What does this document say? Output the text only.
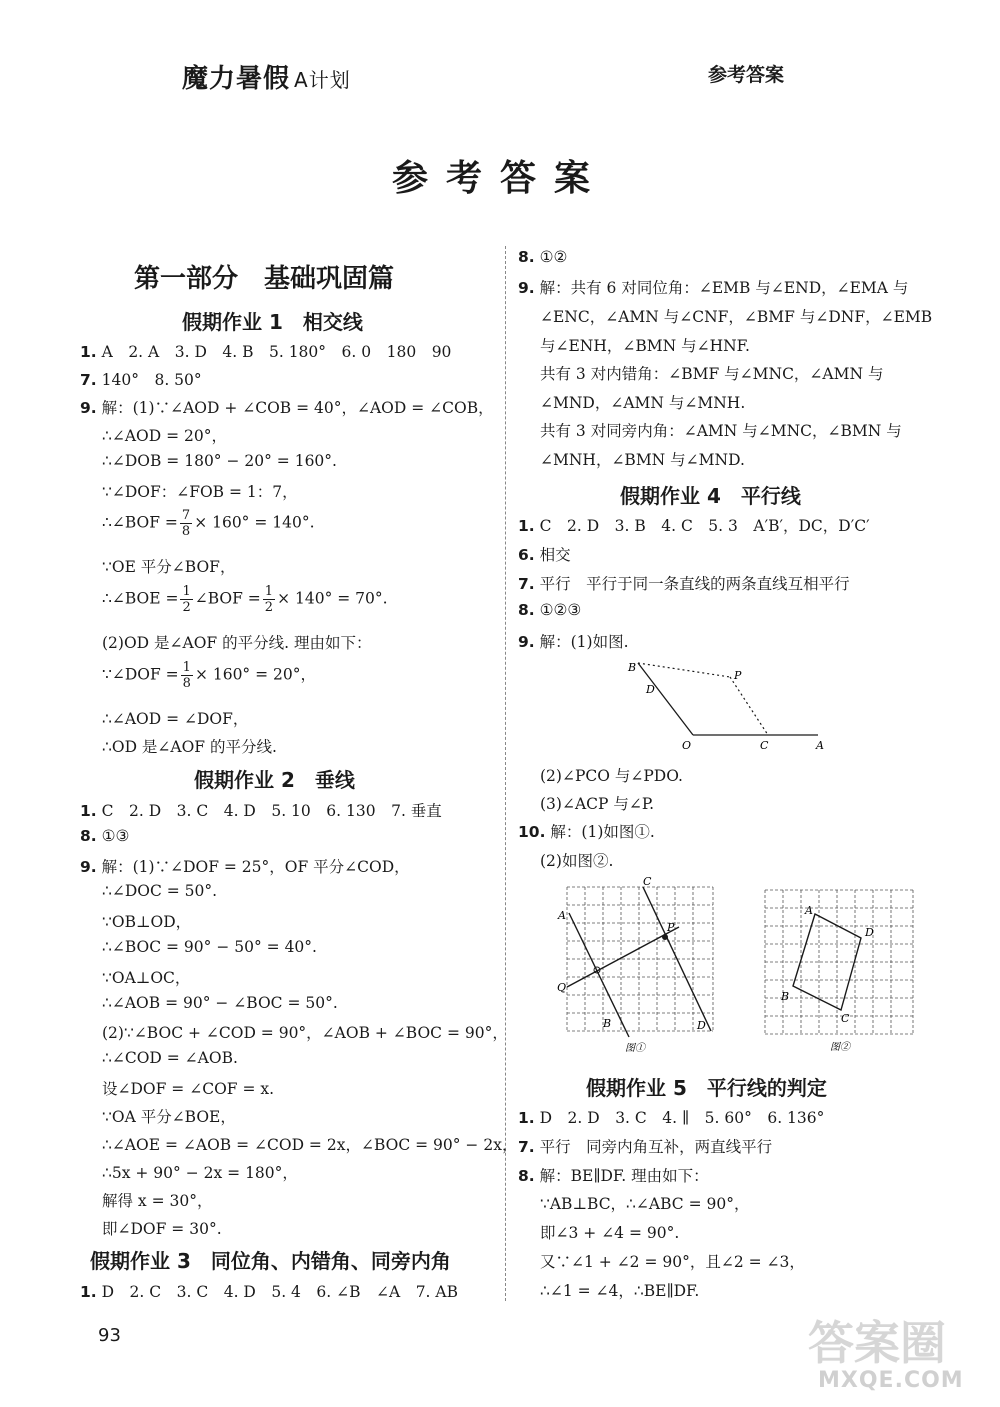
魔力暑假 A计划	参考答案
参考答案
第一部分　基础巩固篇
假期作业 1　相交线
1. A　2. A　3. D　4. B　5. 180°　6. 0　180　90
7. 140°　8. 50°
9. 解：(1)∵∠AOD + ∠COB = 40°，∠AOD = ∠COB，
∴∠AOD = 20°，
∴∠DOB = 180° − 20° = 160°.
∵∠DOF：∠FOB = 1：7，
∴∠BOF = $\frac{7}{8} \times 160^\circ = 140^\circ$.
∵OE 平分∠BOF，
∴∠BOE = $\frac{1}{2}$ ∠BOF = $\frac{1}{2} \times 140^\circ = 70^\circ$.
(2)OD 是∠AOF 的平分线. 理由如下：
∵∠DOF = $\frac{1}{8} \times 160^\circ = 20^\circ$，
∴∠AOD = ∠DOF，
∴OD 是∠AOF 的平分线.
假期作业 2　垂线
1. C　2. D　3. C　4. D　5. 10　6. 130　7. 垂直
8. ①③
9. 解：(1)∵∠DOF = 25°，OF 平分∠COD，
∴∠DOC = 50°.
∵OB⊥OD，
∴∠BOC = 90° − 50° = 40°.
∵OA⊥OC，
∴∠AOB = 90° − ∠BOC = 50°.
(2)∵∠BOC + ∠COD = 90°，∠AOB + ∠BOC = 90°，
∴∠COD = ∠AOB.
设∠DOF = ∠COF = x.
∵OA 平分∠BOE，
∴∠AOE = ∠AOB = ∠COD = 2x，∠BOC = 90° − 2x，
∴5x + 90° − 2x = 180°，
解得 x = 30°，
即∠DOF = 30°.
假期作业 3　同位角、内错角、同旁内角
1. D　2. C　3. C　4. D　5. 4　6. ∠B　∠A　7. AB
8. ①②
9. 解：共有 6 对同位角：∠EMB 与∠END，∠EMA 与
∠ENC，∠AMN 与∠CNF，∠BMF 与∠DNF，∠EMB
与∠ENH，∠BMN 与∠HNF.
共有 3 对内错角：∠BMF 与∠MNC，∠AMN 与
∠MND，∠AMN 与∠MNH.
共有 3 对同旁内角：∠AMN 与∠MNC，∠BMN 与
∠MNH，∠BMN 与∠MND.
假期作业 4　平行线
1. C　2. D　3. B　4. C　5. 3　A′B′，DC，D′C′
6. 相交
7. 平行　平行于同一条直线的两条直线互相平行
8. ①②③
9. 解：(1)如图.
B
D
P
O	C	A
(2)∠PCO 与∠PDO.
(3)∠ACP 与∠P.
10. 解：(1)如图①.
(2)如图②.
A
C
P
Q
B	D
图①
A
D
B
C
图②
假期作业 5　平行线的判定
1. D　2. D　3. C　4. ∥　5. 60°　6. 136°
7. 平行　同旁内角互补，两直线平行
8. 解：BE∥DF. 理由如下：
∵AB⊥BC，∴∠ABC = 90°，
即∠3 + ∠4 = 90°.
又∵∠1 + ∠2 = 90°，且∠2 = ∠3，
∴∠1 = ∠4，∴BE∥DF.
93	答案圈
MXQE.COM
